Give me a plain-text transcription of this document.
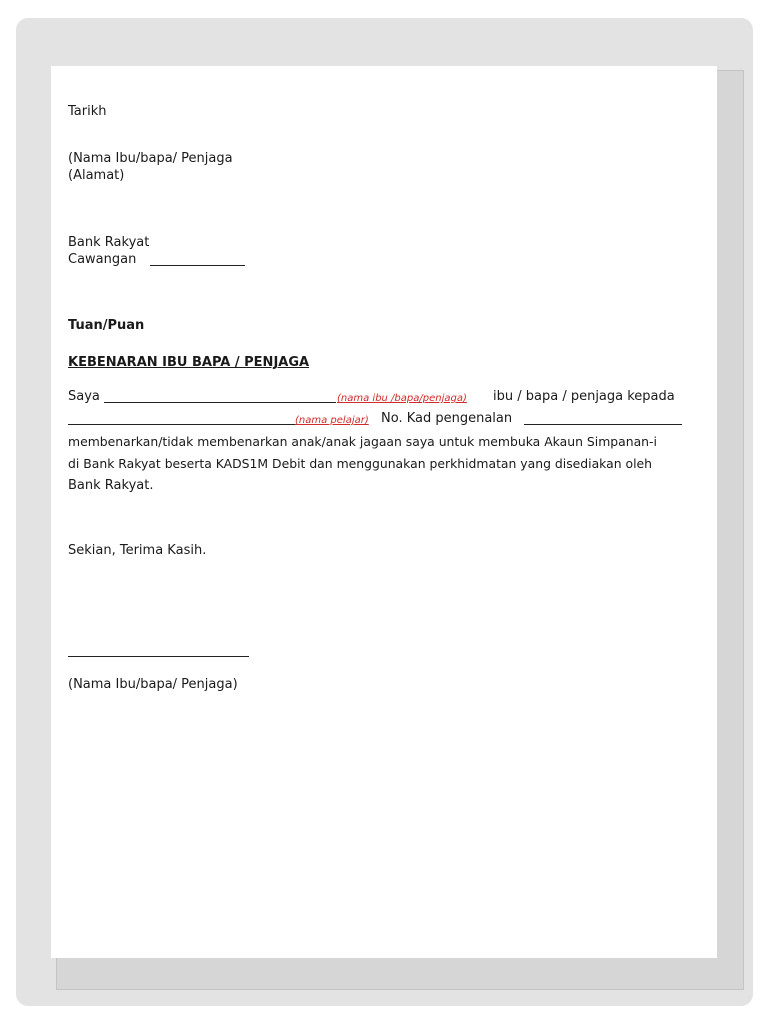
Tarikh
(Nama Ibu/bapa/ Penjaga
(Alamat)
Bank Rakyat
Cawangan
Tuan/Puan
KEBENARAN IBU BAPA / PENJAGA
Saya	(nama ibu /bapa/penjaga) ibu / bapa / penjaga kepada
(nama pelajar) No. Kad pengenalan
membenarkan/tidak membenarkan anak/anak jagaan saya untuk membuka Akaun Simpanan-i
di Bank Rakyat beserta KADS1M Debit dan menggunakan perkhidmatan yang disediakan oleh
Bank Rakyat.
Sekian, Terima Kasih.
(Nama Ibu/bapa/ Penjaga)
